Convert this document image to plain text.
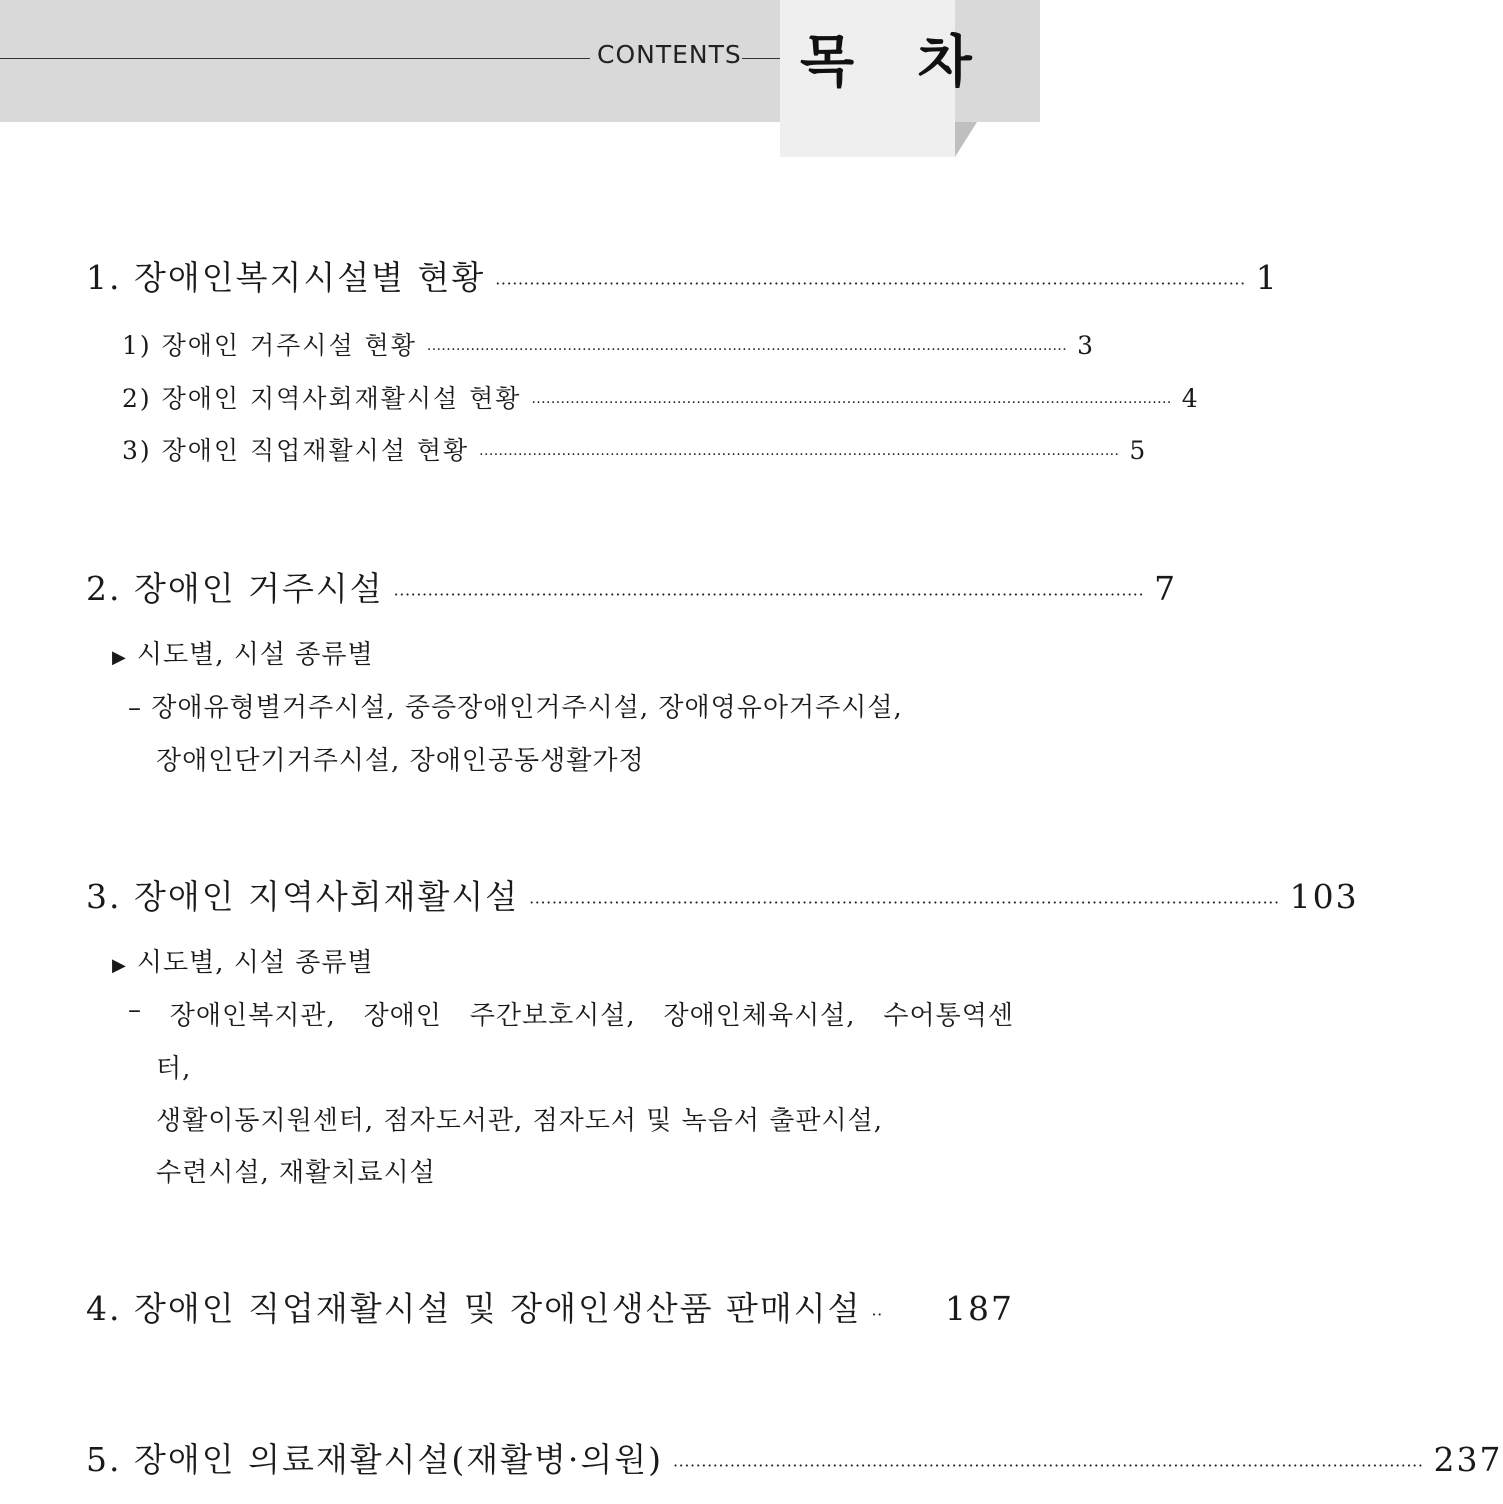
CONTENTS 목 차
1. 장애인복지시설별 현황 ···································································································································· 1
1) 장애인 거주시설 현황 ···································································································································· 3
2) 장애인 지역사회재활시설 현황 ···································································································································· 4
3) 장애인 직업재활시설 현황 ···································································································································· 5
2. 장애인 거주시설 ···································································································································· 7
▶ 시도별, 시설 종류별
– 장애유형별거주시설, 중증장애인거주시설, 장애영유아거주시설,
장애인단기거주시설, 장애인공동생활가정
3. 장애인 지역사회재활시설 ···································································································································· 103
▶ 시도별, 시설 종류별
– 장애인복지관, 장애인 주간보호시설, 장애인체육시설, 수어통역센
터,
생활이동지원센터, 점자도서관, 점자도서 및 녹음서 출판시설,
수련시설, 재활치료시설
4. 장애인 직업재활시설 및 장애인생산품 판매시설 ·· 187
5. 장애인 의료재활시설(재활병·의원) ···································································································································· 237
